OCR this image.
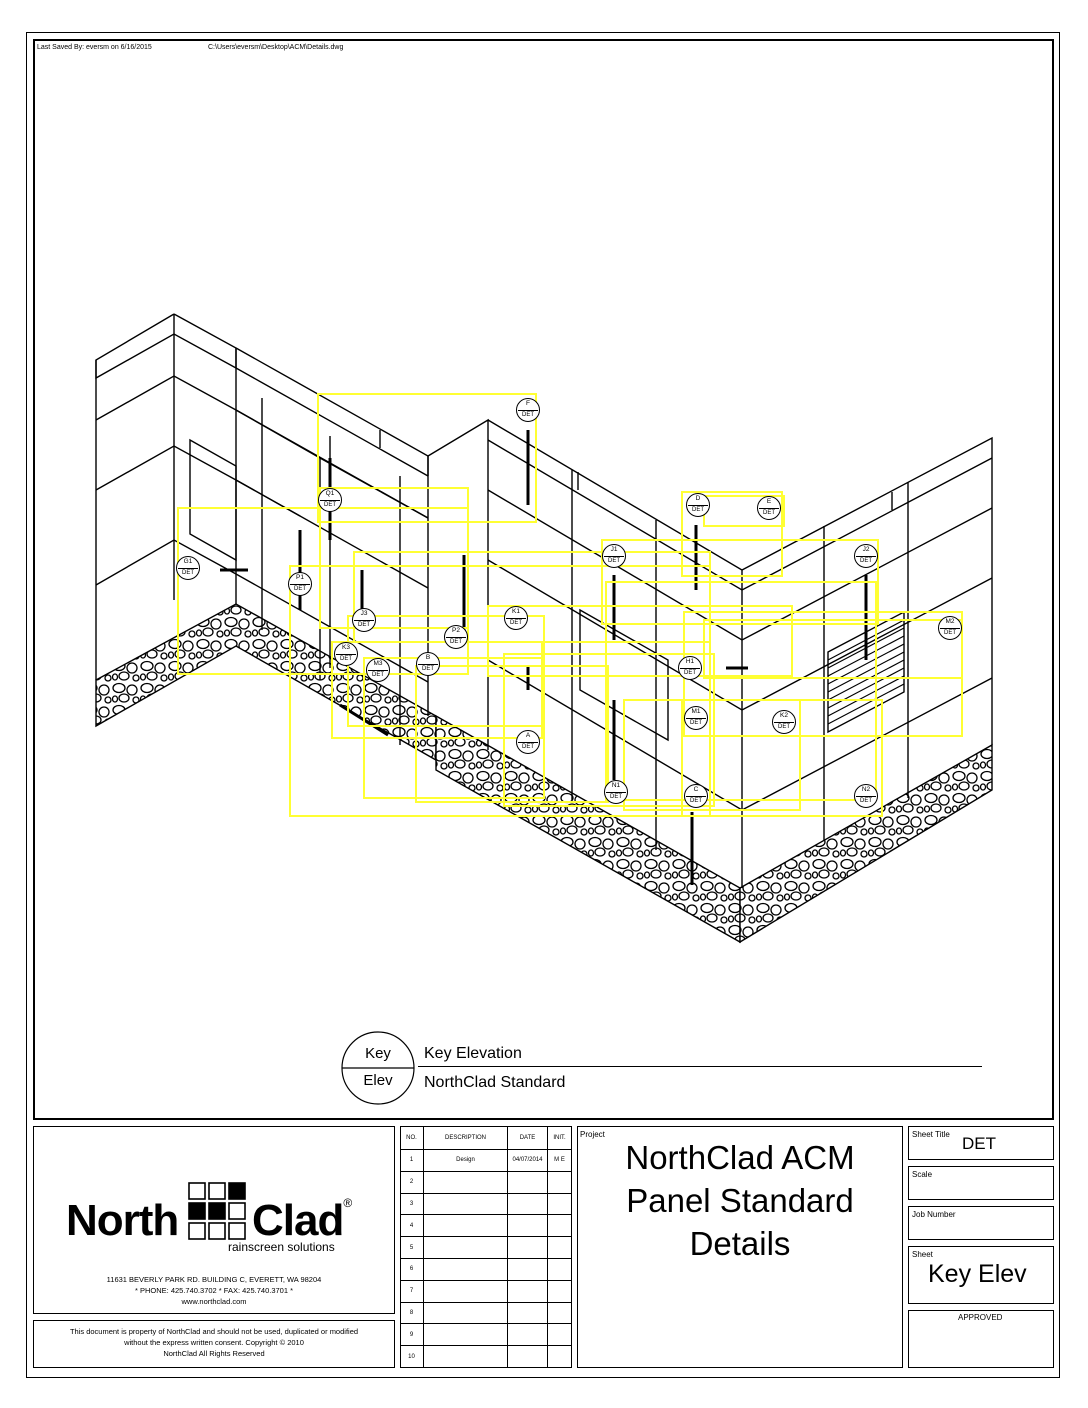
Last Saved By: eversm on 6/16/2015	C:\Users\eversm\Desktop\ACM\Details.dwg
F
DET
Q1
DET
D
DET
E
DET
J1
DET
J2
DET
G1
DET
P1
DET
J3
DET
K1
DET
P2
DET
M2
DET
K3
DET
M3
DET
B
DET
H1
DET
M1
DET
K2
DET
A
DET
N1
DET
C
DET
N2
DET
Key
Elev
Key Elevation
NorthClad Standard
North Clad®
rainscreen solutions
11631 BEVERLY PARK RD. BUILDING C, EVERETT, WA 98204
* PHONE: 425.740.3702 * FAX: 425.740.3701 *
www.northclad.com
This document is property of NorthClad and should not be used, duplicated or modified
without the express written consent. Copyright © 2010
NorthClad All Rights Reserved
NO.	DESCRIPTION	DATE	INIT.
1	Design	04/07/2014	M E
2
3
4
5
6
7
8
9
10
Project
NorthClad ACM
Panel Standard
Details
Sheet Title DET
Scale
Job Number
Sheet
Key Elev
APPROVED
